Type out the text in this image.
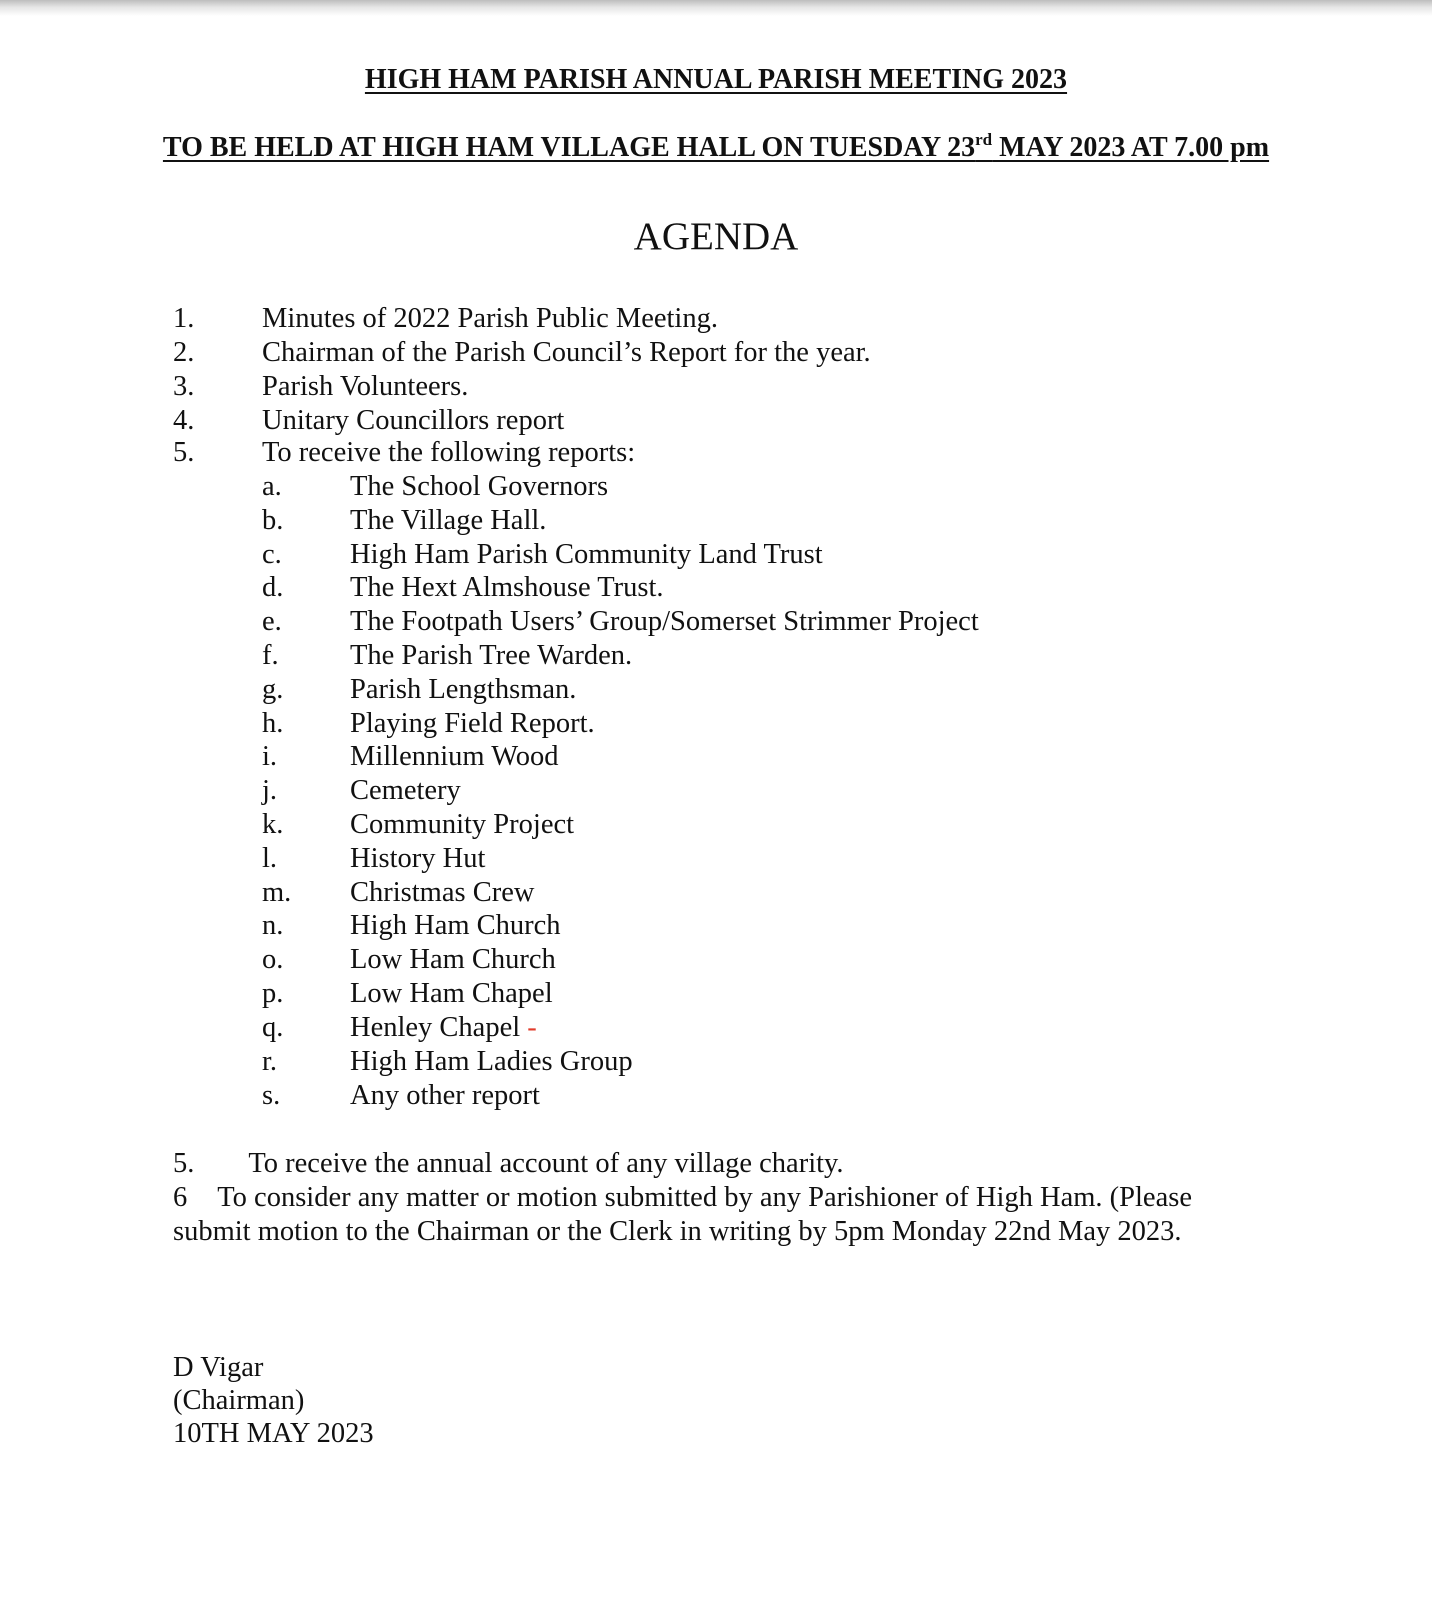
HIGH HAM PARISH ANNUAL PARISH MEETING 2023
TO BE HELD AT HIGH HAM VILLAGE HALL ON TUESDAY 23rd MAY 2023 AT 7.00 pm
AGENDA
1. Minutes of 2022 Parish Public Meeting.
2. Chairman of the Parish Council’s Report for the year.
3. Parish Volunteers.
4. Unitary Councillors report
5. To receive the following reports:
a. The School Governors
b. The Village Hall.
c. High Ham Parish Community Land Trust
d. The Hext Almshouse Trust.
e. The Footpath Users’ Group/Somerset Strimmer Project
f.	The Parish Tree Warden.
g. Parish Lengthsman.
h. Playing Field Report.
i.	Millennium Wood
j.	Cemetery
k. Community Project
l.	History Hut
m. Christmas Crew
n. High Ham Church
o. Low Ham Church
p. Low Ham Chapel
q. Henley Chapel -
r.	High Ham Ladies Group
s. Any other report
5. To receive the annual account of any village charity.
6 To consider any matter or motion submitted by any Parishioner of High Ham. (Please
submit motion to the Chairman or the Clerk in writing by 5pm Monday 22nd May 2023.
D Vigar
(Chairman)
10TH MAY 2023
